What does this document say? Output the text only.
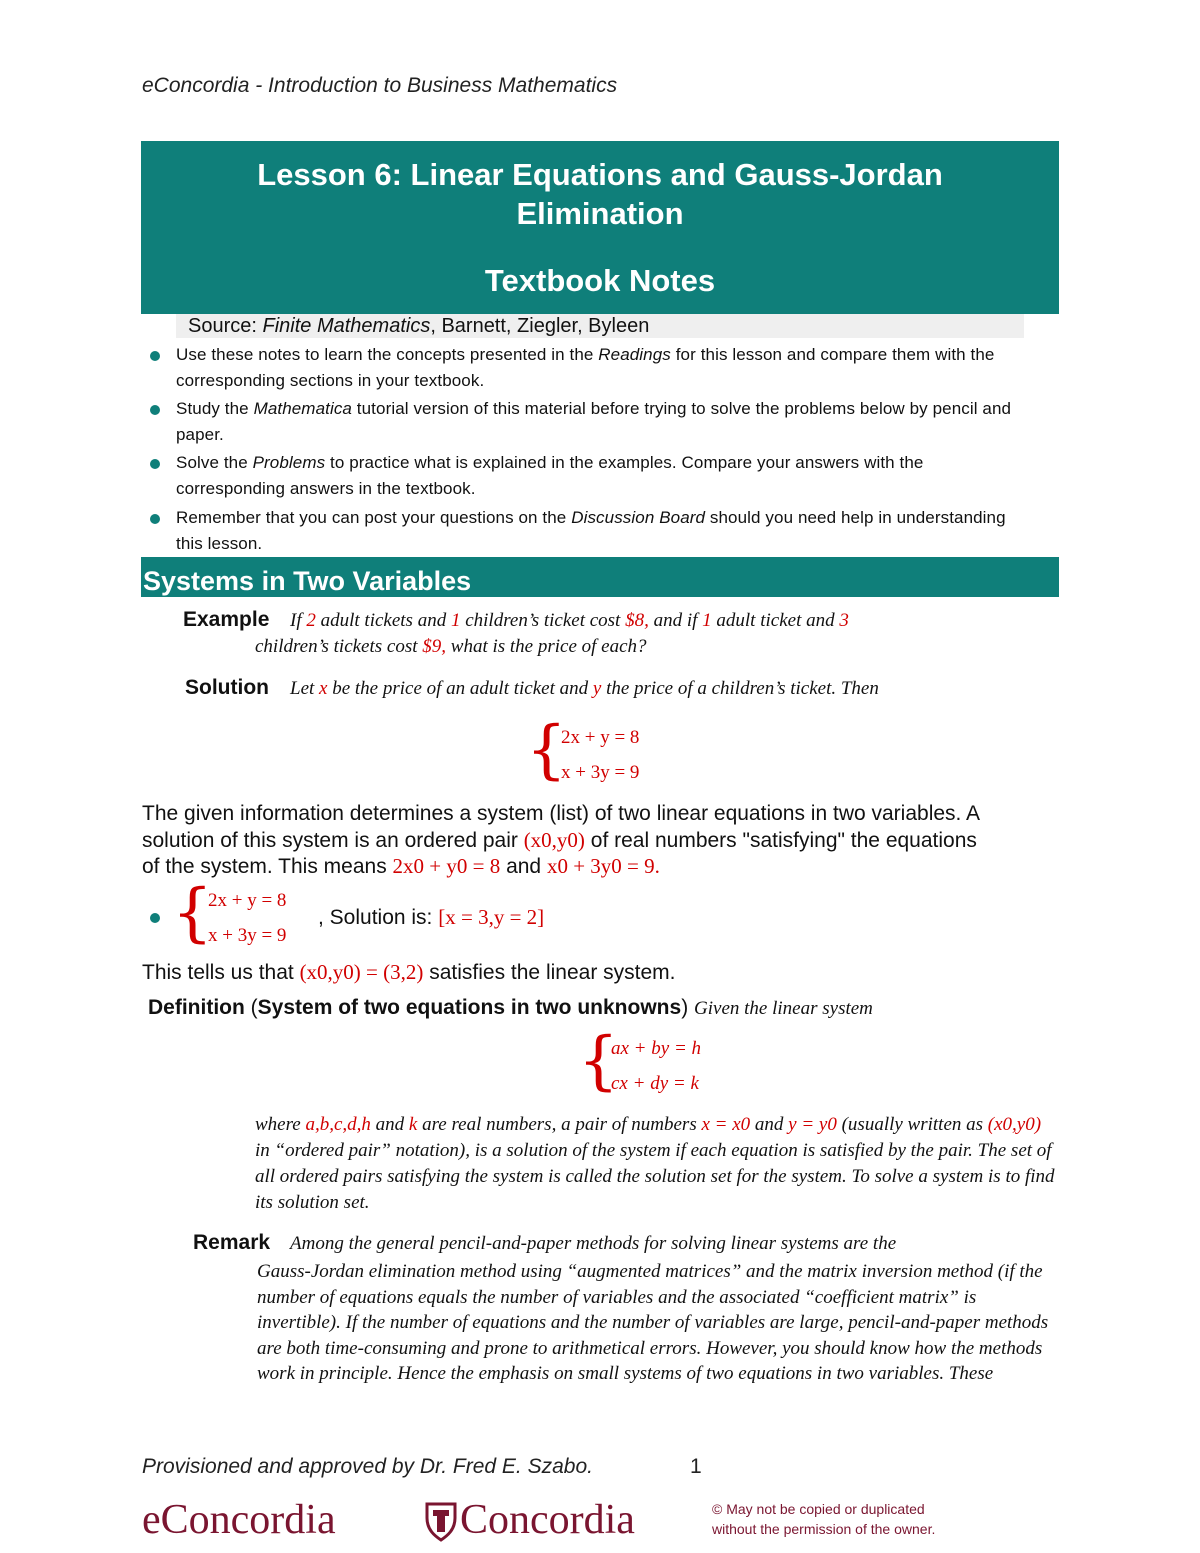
eConcordia - Introduction to Business Mathematics
Lesson 6: Linear Equations and Gauss-Jordan
Elimination
Textbook Notes
Source: Finite Mathematics, Barnett, Ziegler, Byleen
Use these notes to learn the concepts presented in the Readings for this lesson and compare them with the corresponding sections in your textbook.
Study the Mathematica tutorial version of this material before trying to solve the problems below by pencil and paper.
Solve the Problems to practice what is explained in the examples. Compare your answers with the corresponding answers in the textbook.
Remember that you can post your questions on the Discussion Board should you need help in understanding this lesson.
Systems in Two Variables
Example If 2 adult tickets and 1 children’s ticket cost $8, and if 1 adult ticket and 3
children’s tickets cost $9, what is the price of each?
Solution Let x be the price of an adult ticket and y the price of a children’s ticket. Then
{
2x + y = 8
x + 3y = 9
The given information determines a system (list) of two linear equations in two variables. A
solution of this system is an ordered pair (x0,y0) of real numbers "satisfying" the equations
of the system. This means 2x0 + y0 = 8 and x0 + 3y0 = 9.
{
2x + y = 8
x + 3y = 9
, Solution is: [x = 3,y = 2]
This tells us that (x0,y0) = (3,2) satisfies the linear system.
Definition (System of two equations in two unknowns) Given the linear system
{
ax + by = h
cx + dy = k
where a,b,c,d,h and k are real numbers, a pair of numbers x = x0 and y = y0 (usually written as (x0,y0) in “ordered pair” notation), is a solution of the system if each equation is satisfied by the pair. The set of all ordered pairs satisfying the system is called the solution set for the system. To solve a system is to find its solution set.
Remark Among the general pencil-and-paper methods for solving linear systems are the
Gauss-Jordan elimination method using “augmented matrices” and the matrix inversion method (if the number of equations equals the number of variables and the associated “coefficient matrix” is invertible). If the number of equations and the number of variables are large, pencil-and-paper methods are both time-consuming and prone to arithmetical errors. However, you should know how the methods work in principle. Hence the emphasis on small systems of two equations in two variables. These
Provisioned and approved by Dr. Fred E. Szabo.	1
eConcordia	Concordia	© May not be copied or duplicated
without the permission of the owner.
